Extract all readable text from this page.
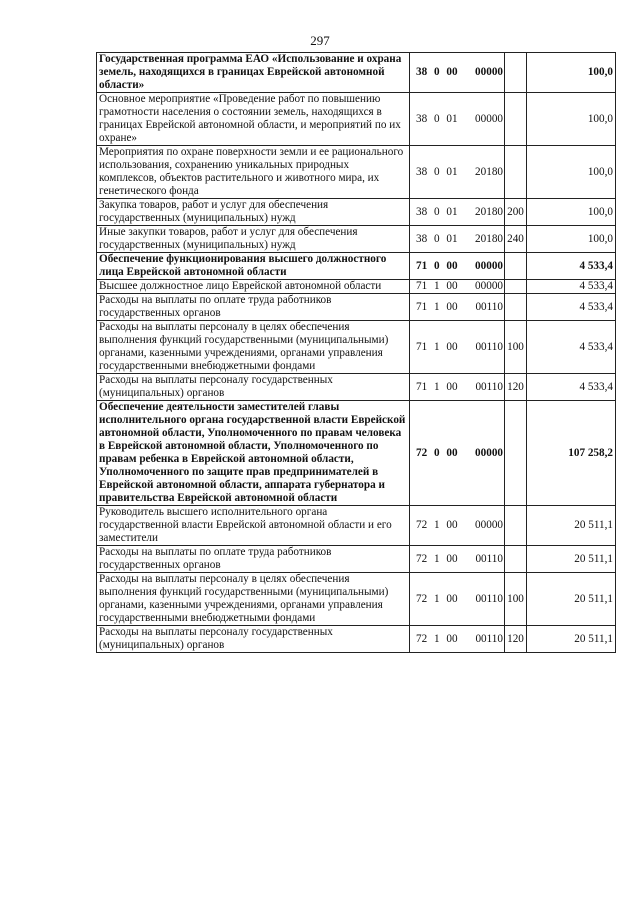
297
Государственная программа ЕАО «Использование и охрана земель, находящихся в границах Еврейской автономной области»	38 0 00	00000		100,0
Основное мероприятие «Проведение работ по повышению грамотности населения о состоянии земель, находящихся в границах Еврейской автономной области, и мероприятий по их охране»	38 0 01	00000		100,0
Мероприятия по охране поверхности земли и ее рационального использования, сохранению уникальных природных комплексов, объектов растительного и животного мира, их генетического фонда	38 0 01	20180		100,0
Закупка товаров, работ и услуг для обеспечения государственных (муниципальных) нужд	38 0 01	20180	200	100,0
Иные закупки товаров, работ и услуг для обеспечения государственных (муниципальных) нужд	38 0 01	20180	240	100,0
Обеспечение функционирования высшего должностного лица Еврейской автономной области	71 0 00	00000		4 533,4
Высшее должностное лицо Еврейской автономной области	71 1 00	00000		4 533,4
Расходы на выплаты по оплате труда работников государственных органов	71 1 00	00110		4 533,4
Расходы на выплаты персоналу в целях обеспечения выполнения функций государственными (муниципальными) органами, казенными учреждениями, органами управления государственными внебюджетными фондами	71 1 00	00110	100	4 533,4
Расходы на выплаты персоналу государственных (муниципальных) органов	71 1 00	00110	120	4 533,4
Обеспечение деятельности заместителей главы исполнительного органа государственной власти Еврейской автономной области, Уполномоченного по правам человека в Еврейской автономной области, Уполномоченного по правам ребенка в Еврейской автономной области, Уполномоченного по защите прав предпринимателей в Еврейской автономной области, аппарата губернатора и правительства Еврейской автономной области	72 0 00	00000		107 258,2
Руководитель высшего исполнительного органа государственной власти Еврейской автономной области и его заместители	72 1 00	00000		20 511,1
Расходы на выплаты по оплате труда работников государственных органов	72 1 00	00110		20 511,1
Расходы на выплаты персоналу в целях обеспечения выполнения функций государственными (муниципальными) органами, казенными учреждениями, органами управления государственными внебюджетными фондами	72 1 00	00110	100	20 511,1
Расходы на выплаты персоналу государственных (муниципальных) органов	72 1 00	00110	120	20 511,1
